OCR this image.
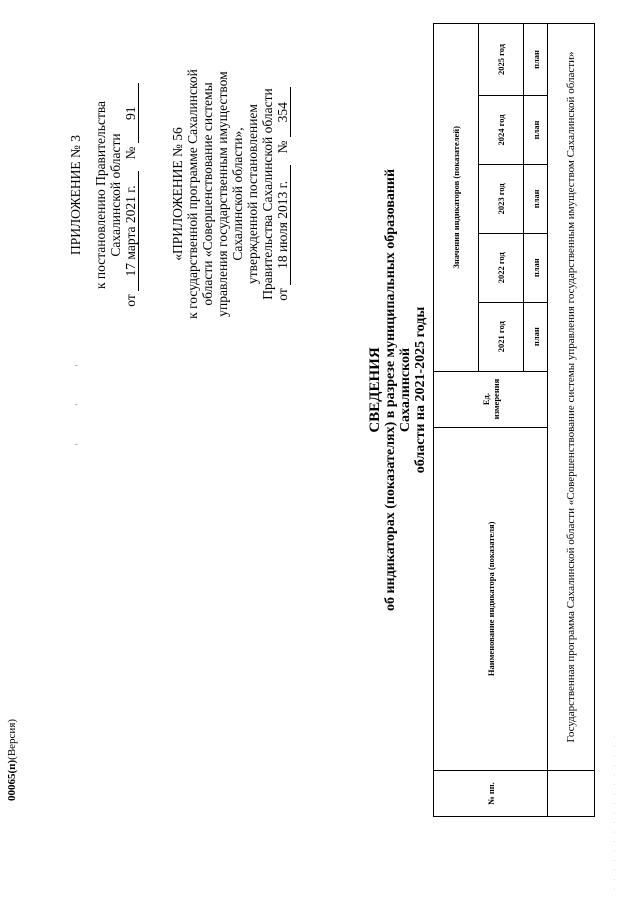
ПРИЛОЖЕНИЕ № 3 к постановлению Правительства Сахалинской области
от 17 марта 2021 г. № 91
«ПРИЛОЖЕНИЕ № 56 к государственной программе Сахалинской области «Совершенствование системы управления государственным имуществом Сахалинской области», утвержденной постановлением Правительства Сахалинской области от 18 июля 2013 г. № 354
' ' '	СВЕДЕНИЯ об индикаторах (показателях) в разрезе муниципальных образований Сахалинской области на 2021-2025 годы
№ пп.	Наименование индикатора (показателя)	Ед. измерения	Значения индикаторов (показателей)				
			2021 год	2022 год	2023 год	2024 год	2025 год
			план	план	план	план	план
	Государственная программа Сахалинской области «Совершенствование системы управления государственным имуществом Сахалинской области»						
00065(п)(Версия)	· · · · · · · · · · · · · · · · ·
